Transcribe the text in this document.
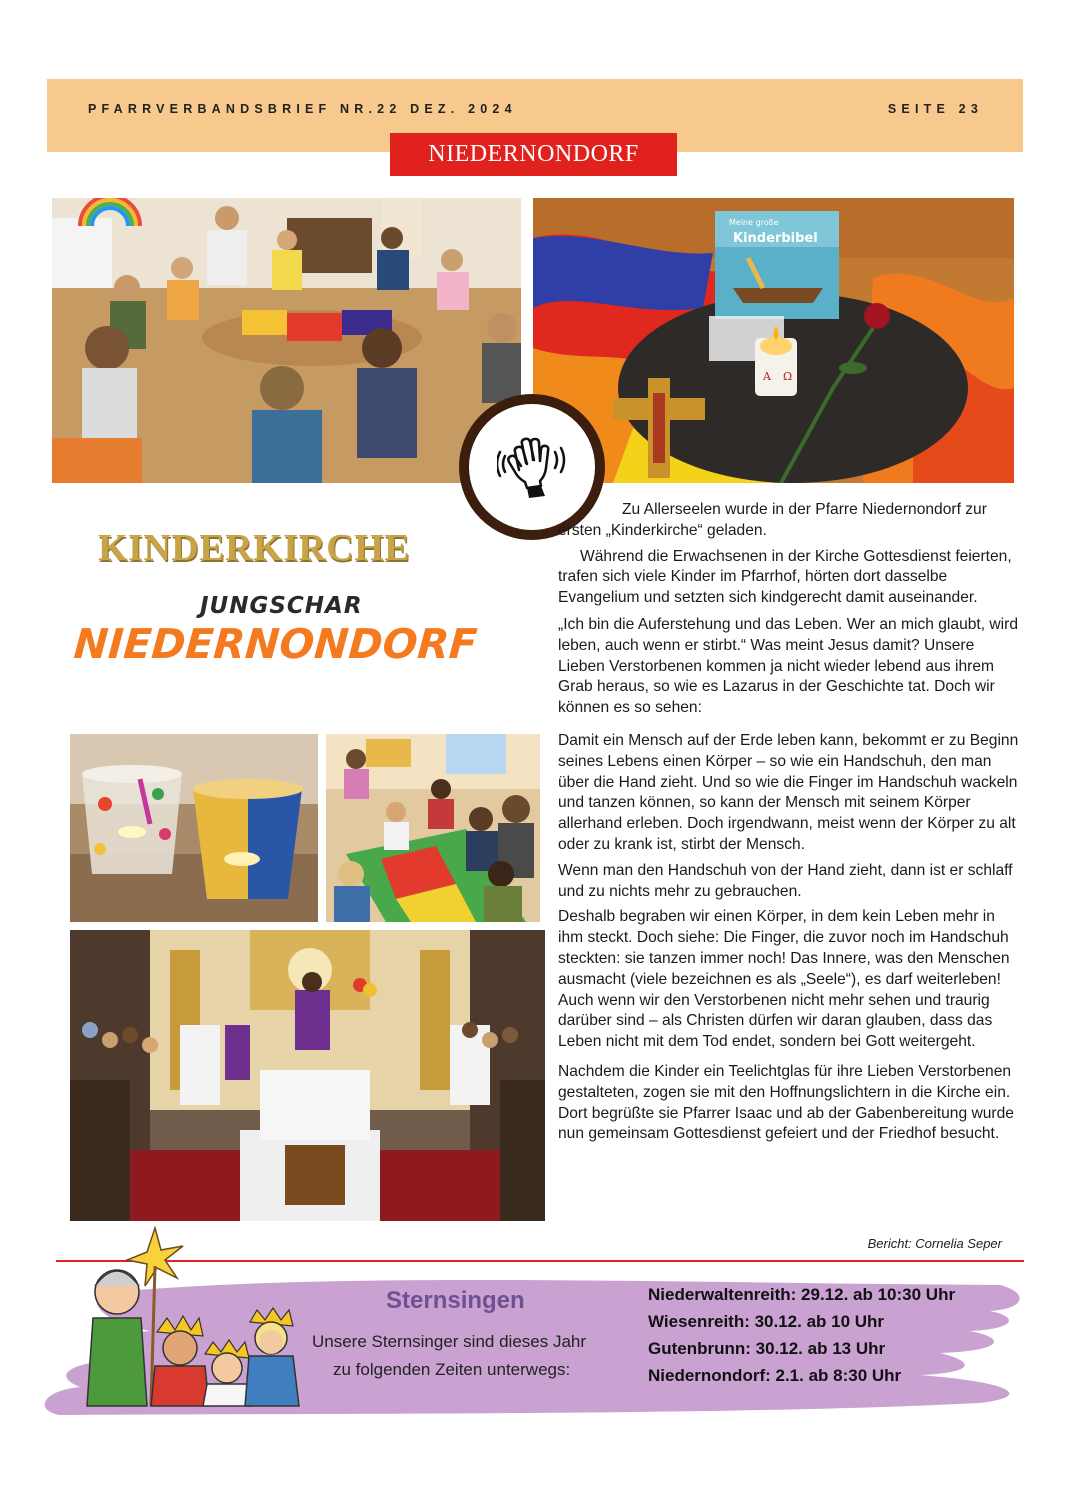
PFARRVERBANDSBRIEF NR.22 DEZ. 2024	SEITE 23
NIEDERNONDORF
Meine große
Kinderbibel
A Ω
KINDERKIRCHE
JUNGSCHAR
NIEDERNONDORF

Zu Allerseelen wurde in der Pfarre Niedernondorf zur ersten „Kinderkirche“ geladen.

Während die Erwachsenen in der Kirche Gottesdienst feierten, trafen sich viele Kinder im Pfarrhof, hörten dort dasselbe Evangelium und setzten sich kindgerecht damit auseinander.

„Ich bin die Auferstehung und das Leben. Wer an mich glaubt, wird leben, auch wenn er stirbt.“ Was meint Jesus damit? Unsere Lieben Verstorbenen kommen ja nicht wieder lebend aus ihrem Grab heraus, so wie es Lazarus in der Geschichte tat. Doch wir können es so sehen:

Damit ein Mensch auf der Erde leben kann, bekommt er zu Beginn seines Lebens einen Körper – so wie ein Handschuh, den man über die Hand zieht. Und so wie die Finger im Handschuh wackeln und tanzen können, so kann der Mensch mit seinem Körper allerhand erleben. Doch irgendwann, meist wenn der Körper zu alt oder zu krank ist, stirbt der Mensch.

Wenn man den Handschuh von der Hand zieht, dann ist er schlaff und zu nichts mehr zu gebrauchen.

Deshalb begraben wir einen Körper, in dem kein Leben mehr in ihm steckt. Doch siehe: Die Finger, die zuvor noch im Handschuh steckten: sie tanzen immer noch! Das Innere, was den Menschen ausmacht (viele bezeichnen es als „Seele“), es darf weiterleben! Auch wenn wir den Verstorbenen nicht mehr sehen und traurig darüber sind – als Christen dürfen wir daran glauben, dass das Leben nicht mit dem Tod endet, sondern bei Gott weitergeht.

Nachdem die Kinder ein Teelichtglas für ihre Lieben Verstorbenen gestalteten, zogen sie mit den Hoffnungslichtern in die Kirche ein. Dort begrüßte sie Pfarrer Isaac und ab der Gabenbereitung wurde nun gemeinsam Gottesdienst gefeiert und der Friedhof besucht.

Bericht: Cornelia Seper
Sternsingen
Unsere Sternsinger sind dieses Jahr
zu folgenden Zeiten unterwegs:
Niederwaltenreith: 29.12. ab 10:30 Uhr
Wiesenreith: 30.12. ab 10 Uhr
Gutenbrunn: 30.12. ab 13 Uhr
Niedernondorf: 2.1. ab 8:30 Uhr
